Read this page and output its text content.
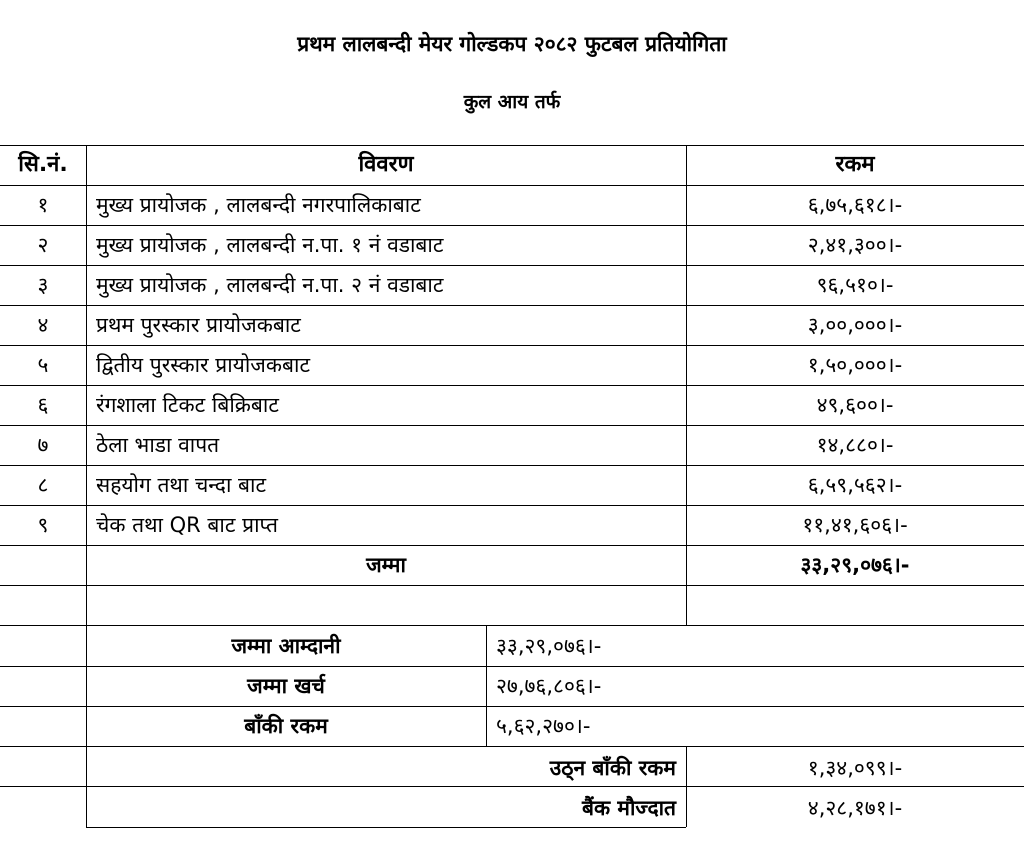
प्रथम लालबन्दी मेयर गोल्डकप २०८२ फुटबल प्रतियोगिता
कुल आय तर्फ
सि.नं.	विवरण	रकम
१	मुख्य प्रायोजक , लालबन्दी नगरपालिकाबाट	६,७५,६१८।-
२	मुख्य प्रायोजक , लालबन्दी न.पा. १ नं वडाबाट	२,४१,३००।-
३	मुख्य प्रायोजक , लालबन्दी न.पा. २ नं वडाबाट	९६,५१०।-
४	प्रथम पुरस्कार प्रायोजकबाट	३,००,०००।-
५	द्वितीय पुरस्कार प्रायोजकबाट	१,५०,०००।-
६	रंगशाला टिकट बिक्रिबाट	४९,६००।-
७	ठेला भाडा वापत	१४,८८०।-
८	सहयोग तथा चन्दा बाट	६,५९,५६२।-
९	चेक तथा QR बाट प्राप्त	११,४१,६०६।-
जम्मा	३३,२९,०७६।-
जम्मा आम्दानी	३३,२९,०७६।-
जम्मा खर्च	२७,७६,८०६।-
बाँकी रकम	५,६२,२७०।-
उठ्न बाँकी रकम	१,३४,०९९।-
बैंक मौज्दात	४,२८,१७१।-
